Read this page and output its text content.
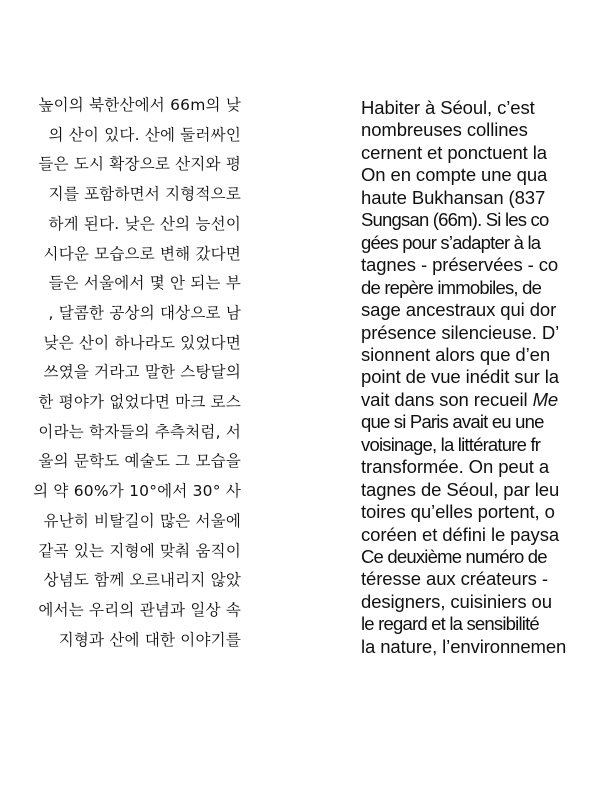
높이의 북한산에서 66m의 낮
의 산이 있다. 산에 둘러싸인
들은 도시 확장으로 산지와 평
지를 포함하면서 지형적으로
하게 된다. 낮은 산의 능선이
시다운 모습으로 변해 갔다면
들은 서울에서 몇 안 되는 부
, 달콤한 공상의 대상으로 남
낮은 산이 하나라도 있었다면
쓰였을 거라고 말한 스탕달의
한 평야가 없었다면 마크 로스
이라는 학자들의 추측처럼, 서
울의 문학도 예술도 그 모습을
의 약 60%가 10°에서 30° 사
유난히 비탈길이 많은 서울에
같곡 있는 지형에 맞춰 움직이
상념도 함께 오르내리지 않았
에서는 우리의 관념과 일상 속
지형과 산에 대한 이야기를
Habiter à Séoul, c’est
nombreuses collines
cernent et ponctuent la
On en compte une qua
haute Bukhansan (837
Sungsan (66m). Si les co
gées pour s’adapter à la
tagnes - préservées - co
de repère immobiles, de
sage ancestraux qui dor
présence silencieuse. D’
sionnent alors que d’en
point de vue inédit sur la
vait dans son recueil Me
que si Paris avait eu une
voisinage, la littérature fr
transformée. On peut a
tagnes de Séoul, par leu
toires qu’elles portent, o
coréen et défini le paysa
Ce deuxième numéro de
téresse aux créateurs -
designers, cuisiniers ou
le regard et la sensibilité
la nature, l’environnemen
